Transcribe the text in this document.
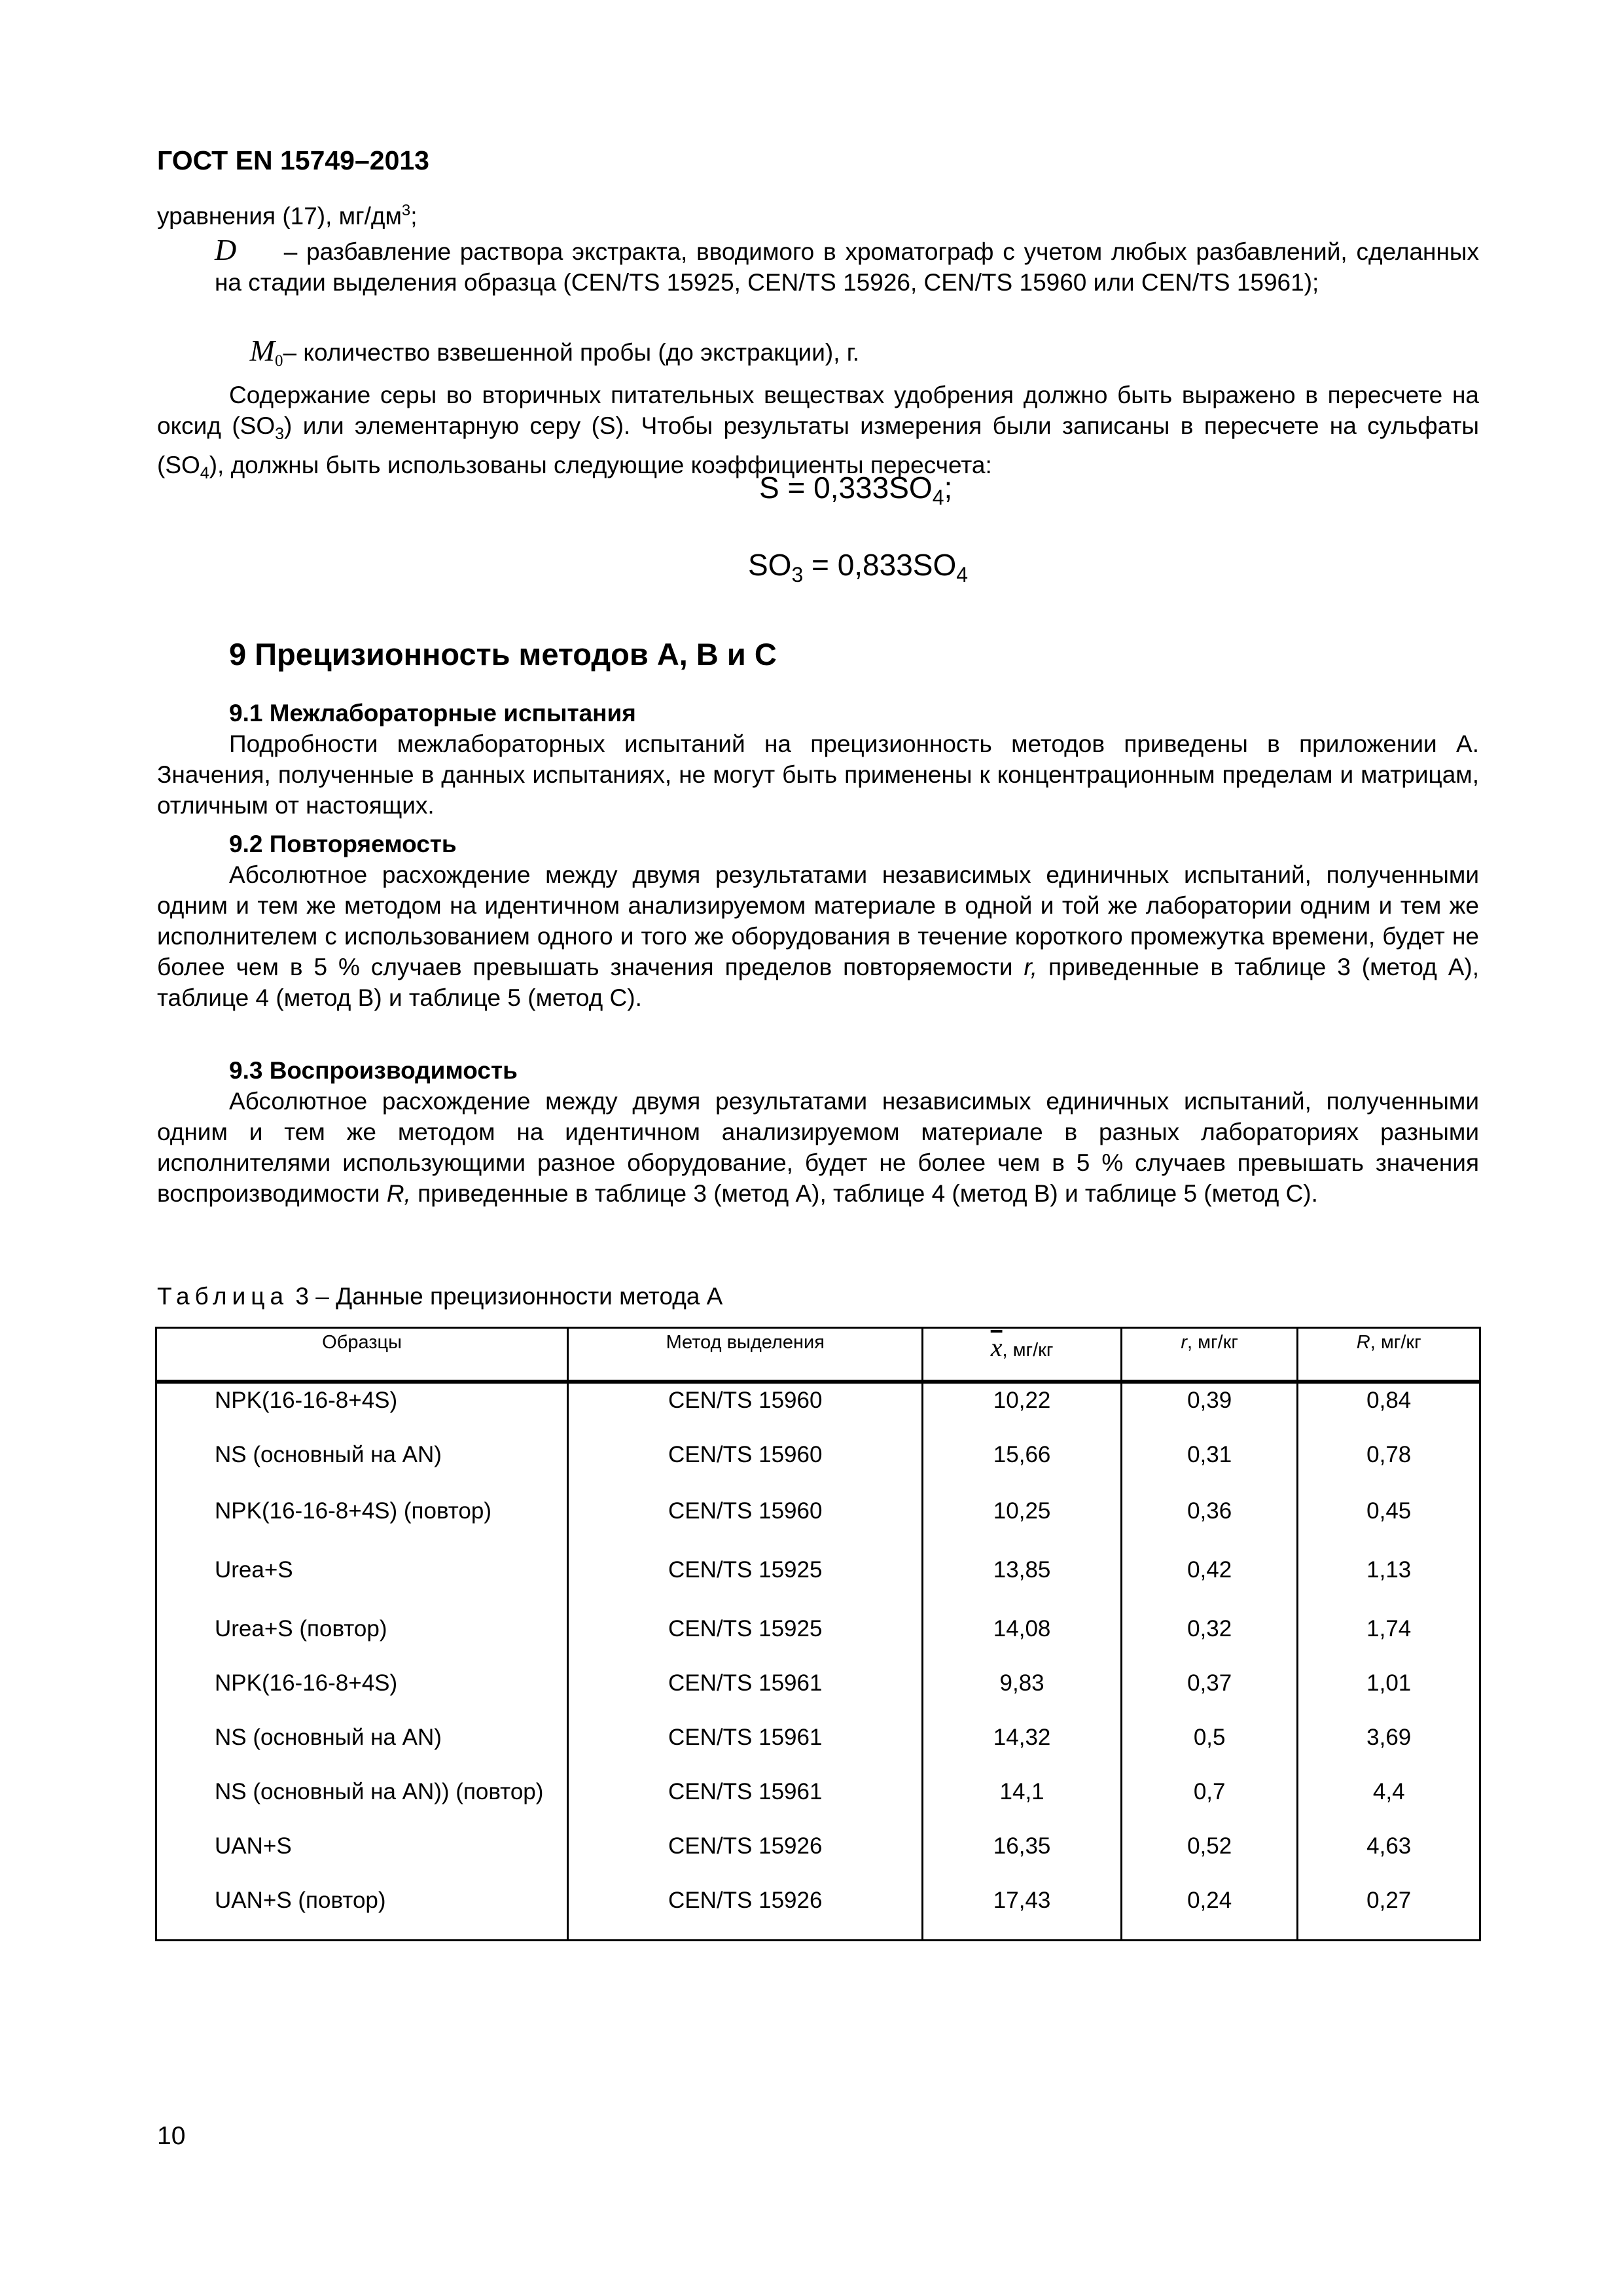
ГОСТ EN 15749–2013
уравнения (17), $мг/дм^3$;
D – разбавление раствора экстракта, вводимого в хроматограф с учетом любых разбавлений, сделанных на стадии выделения образца (CEN/TS 15925, CEN/TS 15926, CEN/TS 15960 или CEN/TS 15961);
$M_0-$ количество взвешенной пробы (до экстракции), г.
Содержание серы во вторичных питательных веществах удобрения должно быть выражено в пересчете на оксид $(SO_3)$ или элементарную серу (S). Чтобы результаты измерения были записаны в пересчете на сульфаты $(SO_4)$, должны быть использованы следующие коэффициенты пересчета:
$S = 0,333SO_4$;
$SO_3 = 0,833SO_4$
9 Прецизионность методов A, B и C
9.1 Межлабораторные испытания
Подробности межлабораторных испытаний на прецизионность методов приведены в приложении А. Значения, полученные в данных испытаниях, не могут быть применены к концентрационным пределам и матрицам, отличным от настоящих.
9.2 Повторяемость
Абсолютное расхождение между двумя результатами независимых единичных испытаний, полученными одним и тем же методом на идентичном анализируемом материале в одной и той же лаборатории одним и тем же исполнителем с использованием одного и того же оборудования в течение короткого промежутка времени, будет не более чем в 5 % случаев превышать значения пределов повторяемости r, приведенные в таблице 3 (метод А), таблице 4 (метод В) и таблице 5 (метод С).
9.3 Воспроизводимость
Абсолютное расхождение между двумя результатами независимых единичных испытаний, полученными одним и тем же методом на идентичном анализируемом материале в разных лабораториях разными исполнителями использующими разное оборудование, будет не более чем в 5 % случаев превышать значения воспроизводимости R, приведенные в таблице 3 (метод А), таблице 4 (метод В) и таблице 5 (метод С).
Таблица 3 – Данные прецизионности метода А
Образцы	Метод выделения	$\overline{x}$, мг/кг	r, мг/кг	R, мг/кг
NPK(16-16-8+4S)	CEN/TS 15960	10,22	0,39	0,84
NS (основный на AN)	CEN/TS 15960	15,66	0,31	0,78
NPK(16-16-8+4S) (повтор)	CEN/TS 15960	10,25	0,36	0,45
Urea+S	CEN/TS 15925	13,85	0,42	1,13
Urea+S (повтор)	CEN/TS 15925	14,08	0,32	1,74
NPK(16-16-8+4S)	CEN/TS 15961	9,83	0,37	1,01
NS (основный на AN)	CEN/TS 15961	14,32	0,5	3,69
NS (основный на AN)) (повтор)	CEN/TS 15961	14,1	0,7	4,4
UAN+S	CEN/TS 15926	16,35	0,52	4,63
UAN+S (повтор)	CEN/TS 15926	17,43	0,24	0,27
10
